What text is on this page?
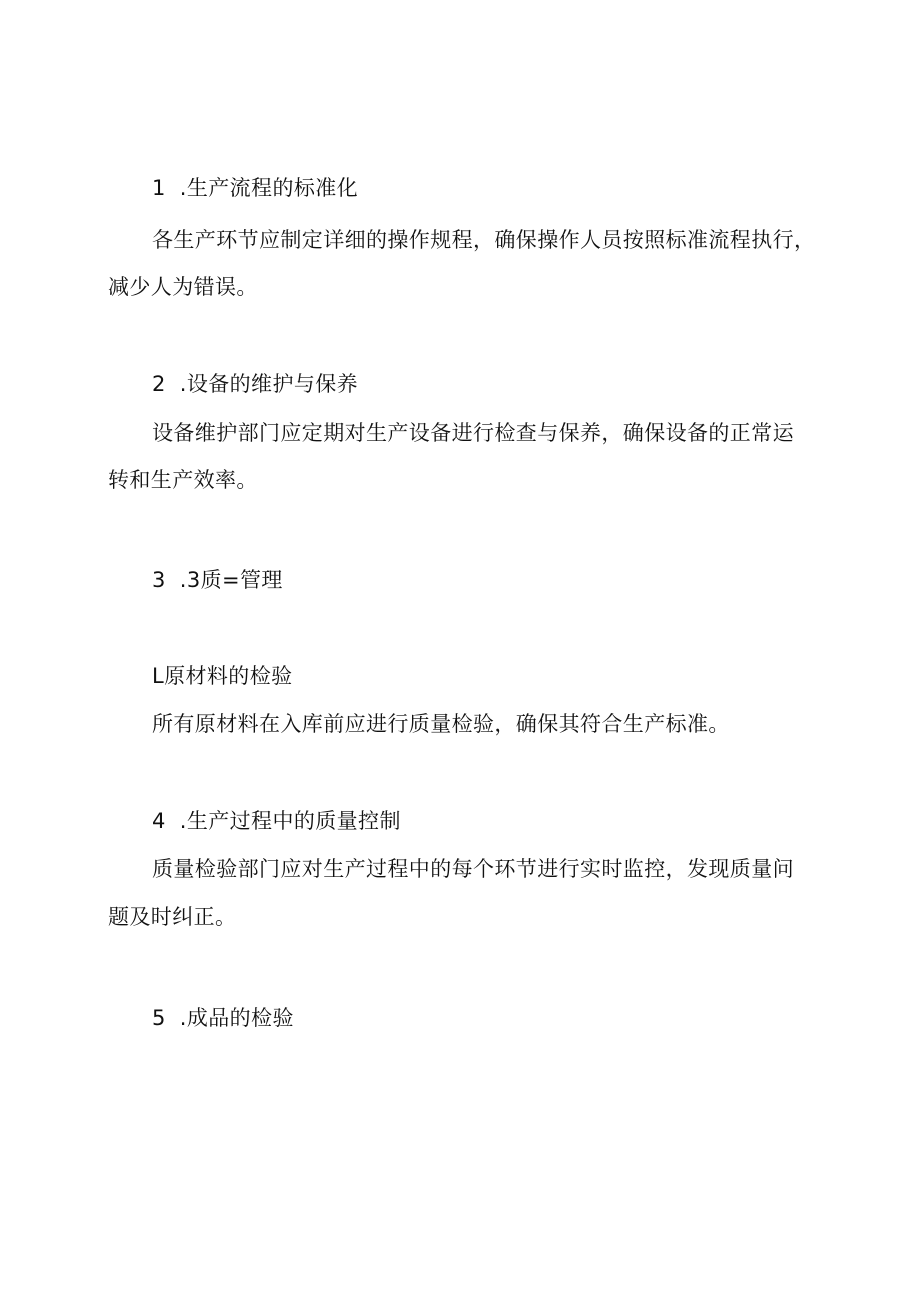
1 .生产流程的标准化
各生产环节应制定详细的操作规程，确保操作人员按照标准流程执行，
减少人为错误。
2 .设备的维护与保养
设备维护部门应定期对生产设备进行检查与保养，确保设备的正常运
转和生产效率。
3 .3质=管理
L原材料的检验
所有原材料在入库前应进行质量检验，确保其符合生产标准。
4 .生产过程中的质量控制
质量检验部门应对生产过程中的每个环节进行实时监控，发现质量问
题及时纠正。
5 .成品的检验
